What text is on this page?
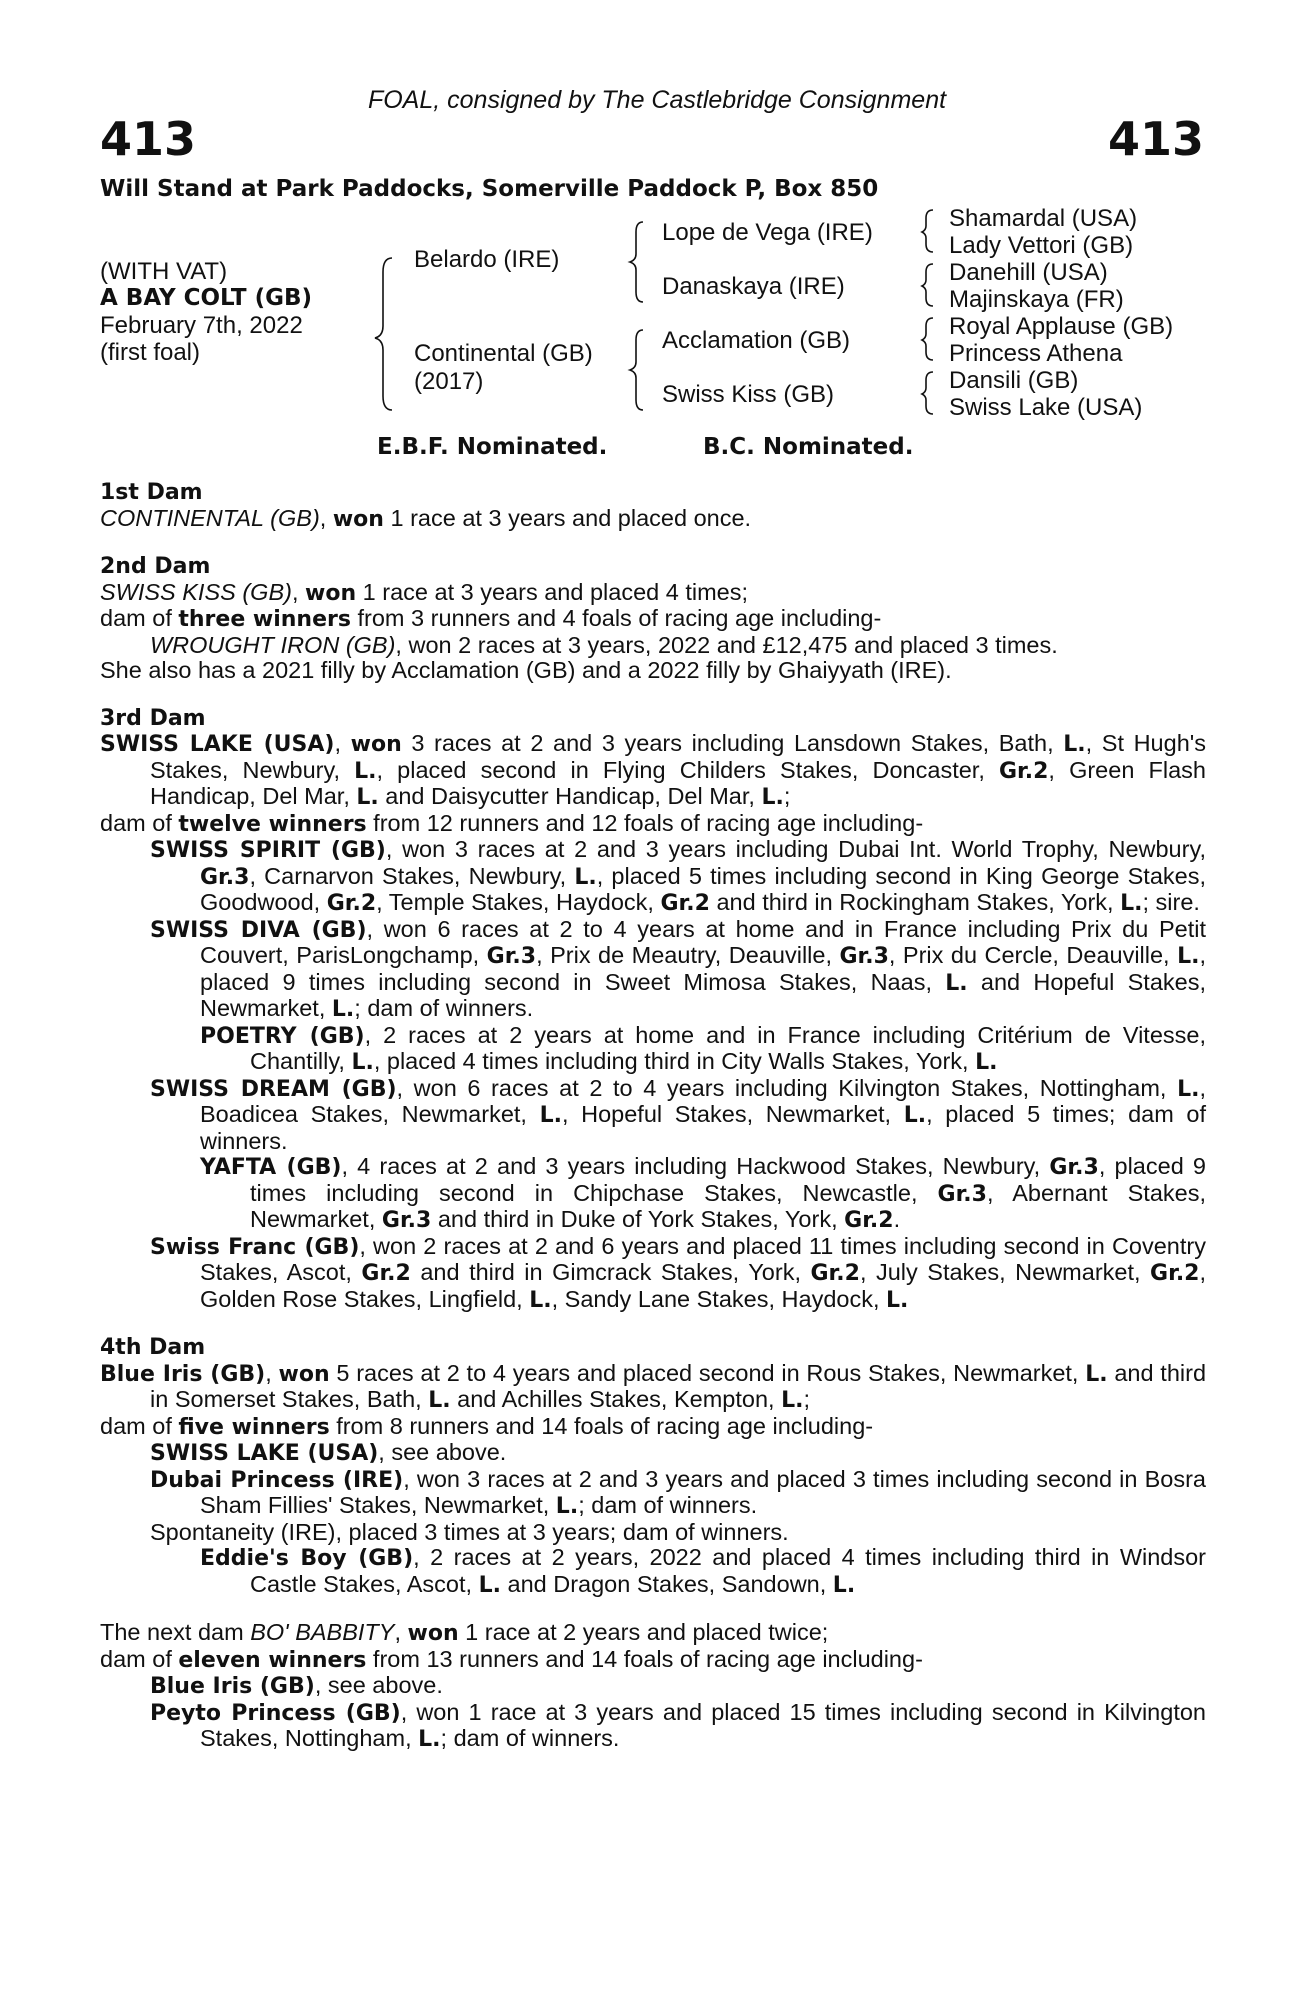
FOAL, consigned by The Castlebridge Consignment
413	413
Will Stand at Park Paddocks, Somerville Paddock P, Box 850
(WITH VAT)
A BAY COLT (GB)
February 7th, 2022
(first foal)
Belardo (IRE)
Continental (GB)
(2017)
Lope de Vega (IRE)
Danaskaya (IRE)
Acclamation (GB)
Swiss Kiss (GB)
Shamardal (USA)
Lady Vettori (GB)
Danehill (USA)
Majinskaya (FR)
Royal Applause (GB)
Princess Athena
Dansili (GB)
Swiss Lake (USA)
E.B.F. Nominated.	B.C. Nominated.
1st Dam
CONTINENTAL (GB), won 1 race at 3 years and placed once.
2nd Dam
SWISS KISS (GB), won 1 race at 3 years and placed 4 times;
dam of three winners from 3 runners and 4 foals of racing age including-
WROUGHT IRON (GB), won 2 races at 3 years, 2022 and £12,475 and placed 3 times.
She also has a 2021 filly by Acclamation (GB) and a 2022 filly by Ghaiyyath (IRE).
3rd Dam
SWISS LAKE (USA), won 3 races at 2 and 3 years including Lansdown Stakes, Bath, L., St Hugh's Stakes, Newbury, L., placed second in Flying Childers Stakes, Doncaster, Gr.2, Green Flash Handicap, Del Mar, L. and Daisycutter Handicap, Del Mar, L.;
dam of twelve winners from 12 runners and 12 foals of racing age including-
SWISS SPIRIT (GB), won 3 races at 2 and 3 years including Dubai Int. World Trophy, Newbury, Gr.3, Carnarvon Stakes, Newbury, L., placed 5 times including second in King George Stakes, Goodwood, Gr.2, Temple Stakes, Haydock, Gr.2 and third in Rockingham Stakes, York, L.; sire.
SWISS DIVA (GB), won 6 races at 2 to 4 years at home and in France including Prix du Petit Couvert, ParisLongchamp, Gr.3, Prix de Meautry, Deauville, Gr.3, Prix du Cercle, Deauville, L., placed 9 times including second in Sweet Mimosa Stakes, Naas, L. and Hopeful Stakes, Newmarket, L.; dam of winners.
POETRY (GB), 2 races at 2 years at home and in France including Critérium de Vitesse, Chantilly, L., placed 4 times including third in City Walls Stakes, York, L.
SWISS DREAM (GB), won 6 races at 2 to 4 years including Kilvington Stakes, Nottingham, L., Boadicea Stakes, Newmarket, L., Hopeful Stakes, Newmarket, L., placed 5 times; dam of winners.
YAFTA (GB), 4 races at 2 and 3 years including Hackwood Stakes, Newbury, Gr.3, placed 9 times including second in Chipchase Stakes, Newcastle, Gr.3, Abernant Stakes, Newmarket, Gr.3 and third in Duke of York Stakes, York, Gr.2.
Swiss Franc (GB), won 2 races at 2 and 6 years and placed 11 times including second in Coventry Stakes, Ascot, Gr.2 and third in Gimcrack Stakes, York, Gr.2, July Stakes, Newmarket, Gr.2, Golden Rose Stakes, Lingfield, L., Sandy Lane Stakes, Haydock, L.
4th Dam
Blue Iris (GB), won 5 races at 2 to 4 years and placed second in Rous Stakes, Newmarket, L. and third in Somerset Stakes, Bath, L. and Achilles Stakes, Kempton, L.;
dam of five winners from 8 runners and 14 foals of racing age including-
SWISS LAKE (USA), see above.
Dubai Princess (IRE), won 3 races at 2 and 3 years and placed 3 times including second in Bosra Sham Fillies' Stakes, Newmarket, L.; dam of winners.
Spontaneity (IRE), placed 3 times at 3 years; dam of winners.
Eddie's Boy (GB), 2 races at 2 years, 2022 and placed 4 times including third in Windsor Castle Stakes, Ascot, L. and Dragon Stakes, Sandown, L.
The next dam BO' BABBITY, won 1 race at 2 years and placed twice;
dam of eleven winners from 13 runners and 14 foals of racing age including-
Blue Iris (GB), see above.
Peyto Princess (GB), won 1 race at 3 years and placed 15 times including second in Kilvington Stakes, Nottingham, L.; dam of winners.
